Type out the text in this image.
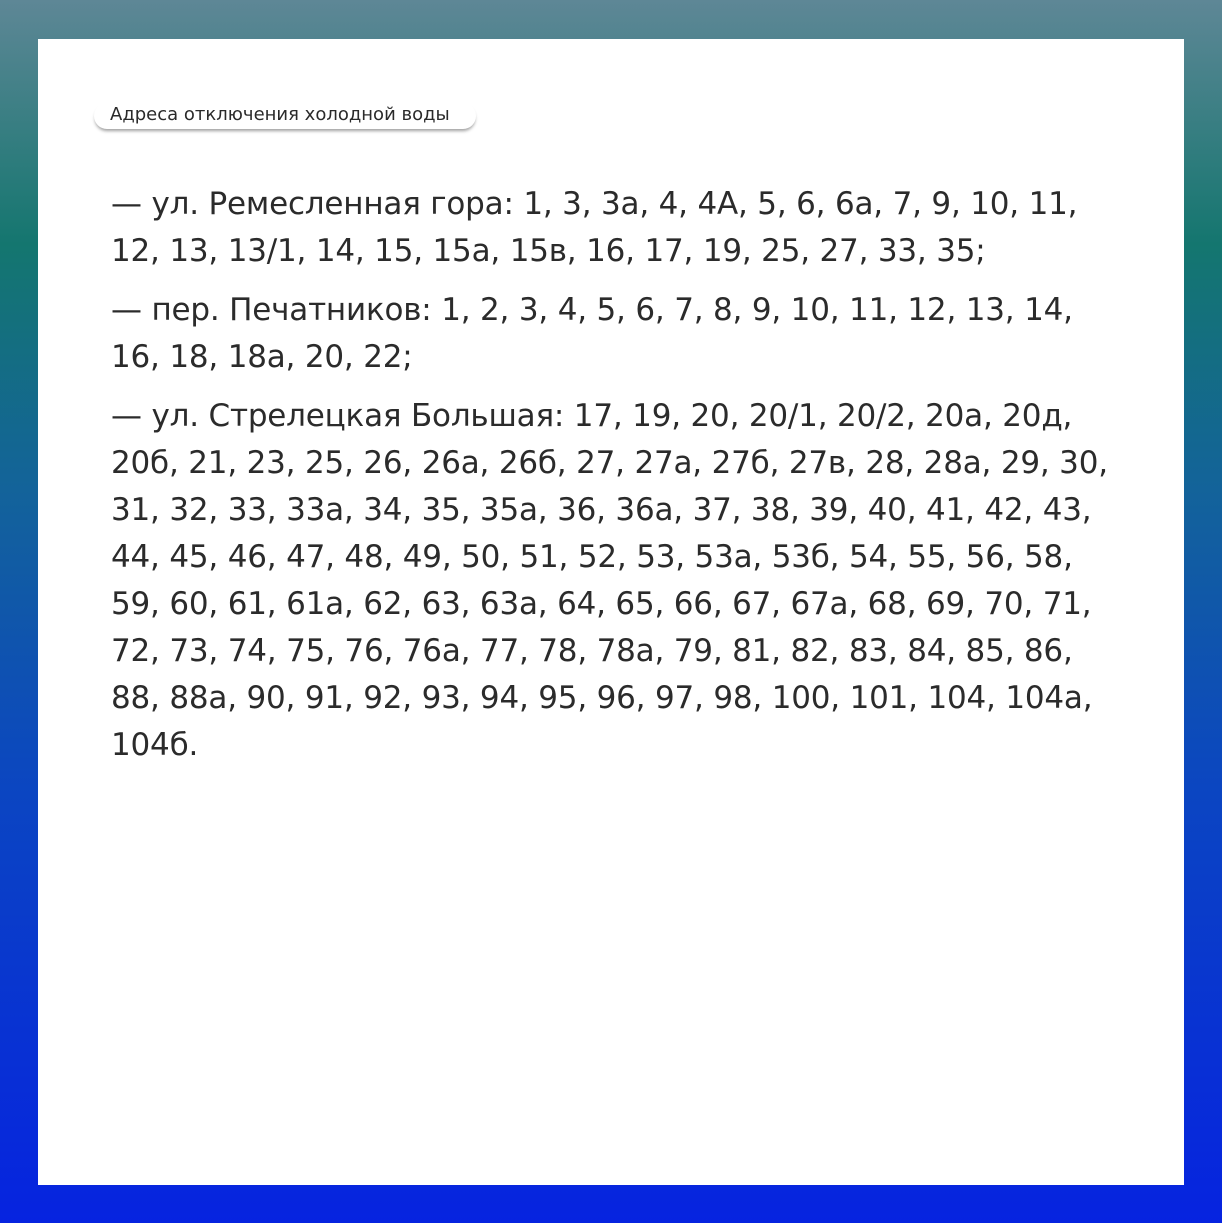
Адреса отключения холодной воды

— ул. Ремесленная гора: 1, 3, 3а, 4, 4А, 5, 6, 6а, 7, 9, 10, 11, 12, 13, 13/1, 14, 15, 15а, 15в, 16, 17, 19, 25, 27, 33, 35;

— пер. Печатников: 1, 2, 3, 4, 5, 6, 7, 8, 9, 10, 11, 12, 13, 14, 16, 18, 18а, 20, 22;

— ул. Стрелецкая Большая: 17, 19, 20, 20/1, 20/2, 20а, 20д, 20б, 21, 23, 25, 26, 26а, 26б, 27, 27а, 27б, 27в, 28, 28а, 29, 30, 31, 32, 33, 33а, 34, 35, 35а, 36, 36а, 37, 38, 39, 40, 41, 42, 43, 44, 45, 46, 47, 48, 49, 50, 51, 52, 53, 53а, 53б, 54, 55, 56, 58, 59, 60, 61, 61а, 62, 63, 63а, 64, 65, 66, 67, 67а, 68, 69, 70, 71, 72, 73, 74, 75, 76, 76а, 77, 78, 78а, 79, 81, 82, 83, 84, 85, 86, 88, 88а, 90, 91, 92, 93, 94, 95, 96, 97, 98, 100, 101, 104, 104а, 104б.
